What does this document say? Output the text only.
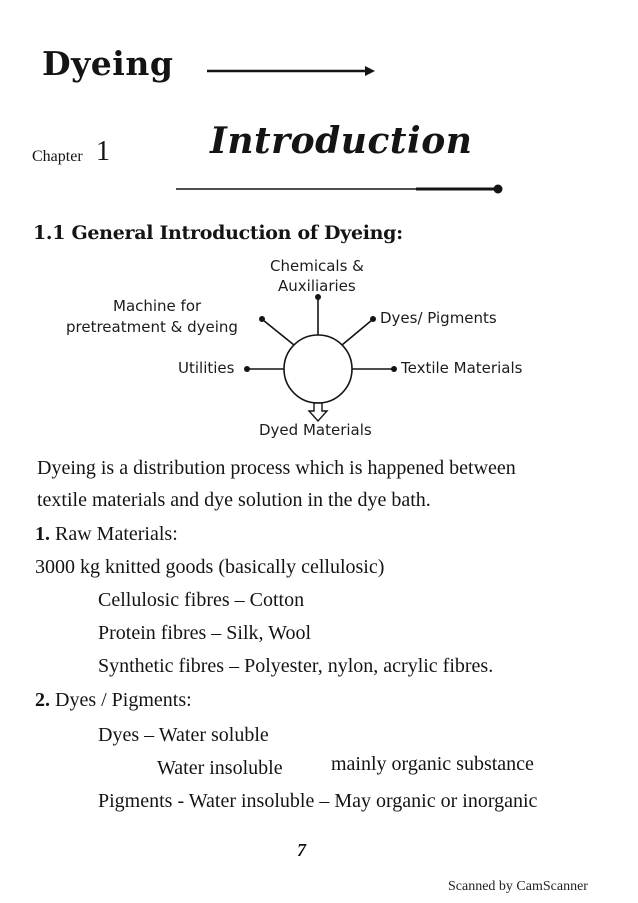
Dyeing
Chapter 1	Introduction
1.1 General Introduction of Dyeing:
Chemicals &
Auxiliaries
Machine for
pretreatment & dyeing	Dyes/ Pigments
Utilities	Textile Materials
Dyed Materials
Dyeing is a distribution process which is happened between
textile materials and dye solution in the dye bath.
1. Raw Materials:
3000 kg knitted goods (basically cellulosic)
Cellulosic fibres – Cotton
Protein fibres – Silk, Wool
Synthetic fibres – Polyester, nylon, acrylic fibres.
2. Dyes / Pigments:
Dyes – Water soluble
Water insoluble mainly organic substance
Pigments - Water insoluble – May organic or inorganic
7
Scanned by CamScanner
